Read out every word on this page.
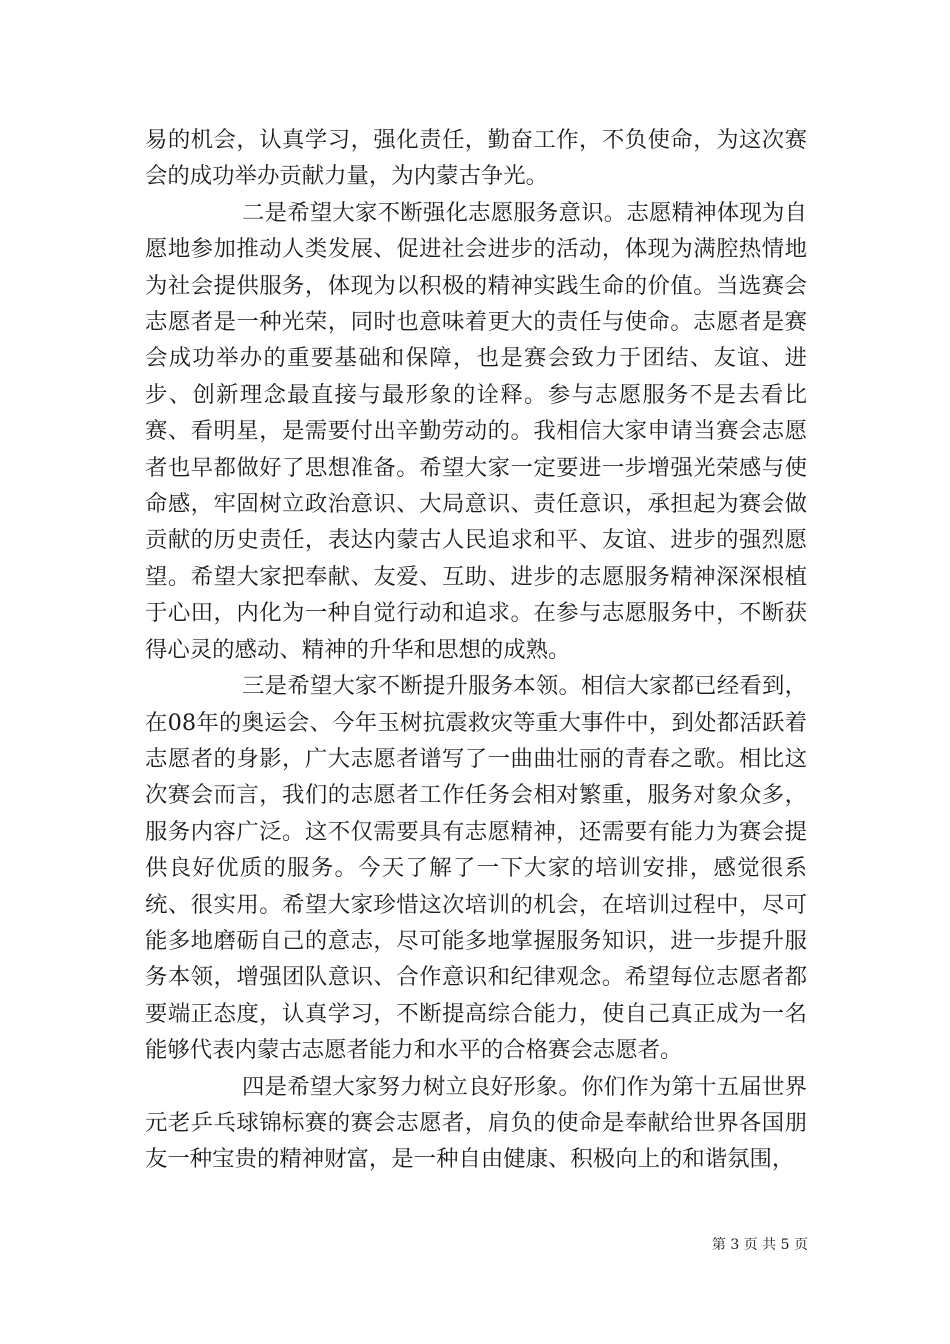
易的机会，认真学习，强化责任，勤奋工作，不负使命，为这次赛会的成功举办贡献力量，为内蒙古争光。

二是希望大家不断强化志愿服务意识。志愿精神体现为自愿地参加推动人类发展、促进社会进步的活动，体现为满腔热情地为社会提供服务，体现为以积极的精神实践生命的价值。当选赛会志愿者是一种光荣，同时也意味着更大的责任与使命。志愿者是赛会成功举办的重要基础和保障，也是赛会致力于团结、友谊、进步、创新理念最直接与最形象的诠释。参与志愿服务不是去看比赛、看明星，是需要付出辛勤劳动的。我相信大家申请当赛会志愿者也早都做好了思想准备。希望大家一定要进一步增强光荣感与使命感，牢固树立政治意识、大局意识、责任意识，承担起为赛会做贡献的历史责任，表达内蒙古人民追求和平、友谊、进步的强烈愿望。希望大家把奉献、友爱、互助、进步的志愿服务精神深深根植于心田，内化为一种自觉行动和追求。在参与志愿服务中，不断获得心灵的感动、精神的升华和思想的成熟。

三是希望大家不断提升服务本领。相信大家都已经看到，在08年的奥运会、今年玉树抗震救灾等重大事件中，到处都活跃着志愿者的身影，广大志愿者谱写了一曲曲壮丽的青春之歌。相比这次赛会而言，我们的志愿者工作任务会相对繁重，服务对象众多，服务内容广泛。这不仅需要具有志愿精神，还需要有能力为赛会提供良好优质的服务。今天了解了一下大家的培训安排，感觉很系统、很实用。希望大家珍惜这次培训的机会，在培训过程中，尽可能多地磨砺自己的意志，尽可能多地掌握服务知识，进一步提升服务本领，增强团队意识、合作意识和纪律观念。希望每位志愿者都要端正态度，认真学习，不断提高综合能力，使自己真正成为一名能够代表内蒙古志愿者能力和水平的合格赛会志愿者。

四是希望大家努力树立良好形象。你们作为第十五届世界元老乒乓球锦标赛的赛会志愿者，肩负的使命是奉献给世界各国朋友一种宝贵的精神财富，是一种自由健康、积极向上的和谐氛围，

第 3 页 共 5 页
